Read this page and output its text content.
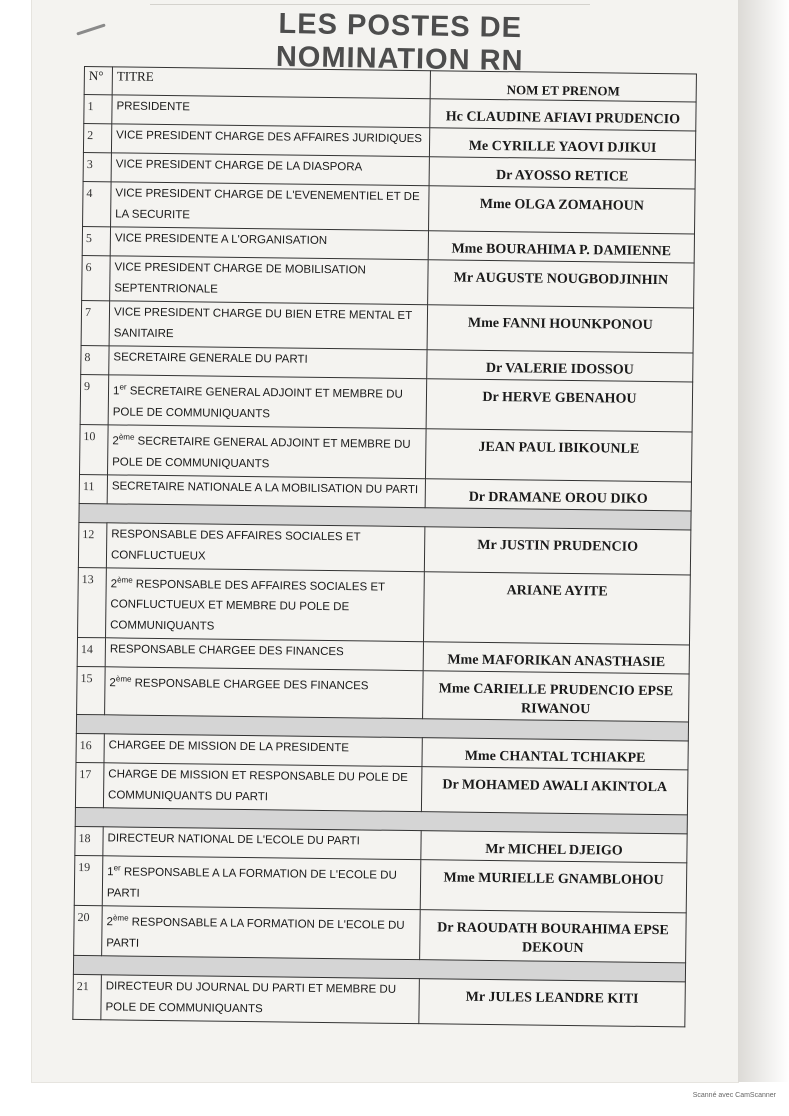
LES POSTES DE NOMINATION RN
N°	TITRE	NOM ET PRENOM
1	PRESIDENTE	Hc CLAUDINE AFIAVI PRUDENCIO
2	VICE PRESIDENT CHARGE DES AFFAIRES JURIDIQUES	Me CYRILLE YAOVI DJIKUI
3	VICE PRESIDENT CHARGE DE LA DIASPORA	Dr AYOSSO RETICE
4	VICE PRESIDENT CHARGE DE L'EVENEMENTIEL ET DE LA SECURITE	Mme OLGA ZOMAHOUN
5	VICE PRESIDENTE A L'ORGANISATION	Mme BOURAHIMA P. DAMIENNE
6	VICE PRESIDENT CHARGE DE MOBILISATION SEPTENTRIONALE	Mr AUGUSTE NOUGBODJINHIN
7	VICE PRESIDENT CHARGE DU BIEN ETRE MENTAL ET SANITAIRE	Mme FANNI HOUNKPONOU
8	SECRETAIRE GENERALE DU PARTI	Dr VALERIE IDOSSOU
9	1er SECRETAIRE GENERAL ADJOINT ET MEMBRE DU POLE DE COMMUNIQUANTS	Dr HERVE GBENAHOU
10	2ème SECRETAIRE GENERAL ADJOINT ET MEMBRE DU POLE DE COMMUNIQUANTS	JEAN PAUL IBIKOUNLE
11	SECRETAIRE NATIONALE A LA MOBILISATION DU PARTI	Dr DRAMANE OROU DIKO

12	RESPONSABLE DES AFFAIRES SOCIALES ET CONFLUCTUEUX	Mr JUSTIN PRUDENCIO
13	2ème RESPONSABLE DES AFFAIRES SOCIALES ET CONFLUCTUEUX ET MEMBRE DU POLE DE COMMUNIQUANTS	ARIANE AYITE
14	RESPONSABLE CHARGEE DES FINANCES	Mme MAFORIKAN ANASTHASIE
15	2ème RESPONSABLE CHARGEE DES FINANCES	Mme CARIELLE PRUDENCIO EPSE RIWANOU

16	CHARGEE DE MISSION DE LA PRESIDENTE	Mme CHANTAL TCHIAKPE
17	CHARGE DE MISSION ET RESPONSABLE DU POLE DE COMMUNIQUANTS DU PARTI	Dr MOHAMED AWALI AKINTOLA

18	DIRECTEUR NATIONAL DE L'ECOLE DU PARTI	Mr MICHEL DJEIGO
19	1er RESPONSABLE A LA FORMATION DE L'ECOLE DU PARTI	Mme MURIELLE GNAMBLOHOU
20	2ème RESPONSABLE A LA FORMATION DE L'ECOLE DU PARTI	Dr RAOUDATH BOURAHIMA EPSE DEKOUN

21	DIRECTEUR DU JOURNAL DU PARTI ET MEMBRE DU POLE DE COMMUNIQUANTS	Mr JULES LEANDRE KITI
Scanné avec CamScanner
